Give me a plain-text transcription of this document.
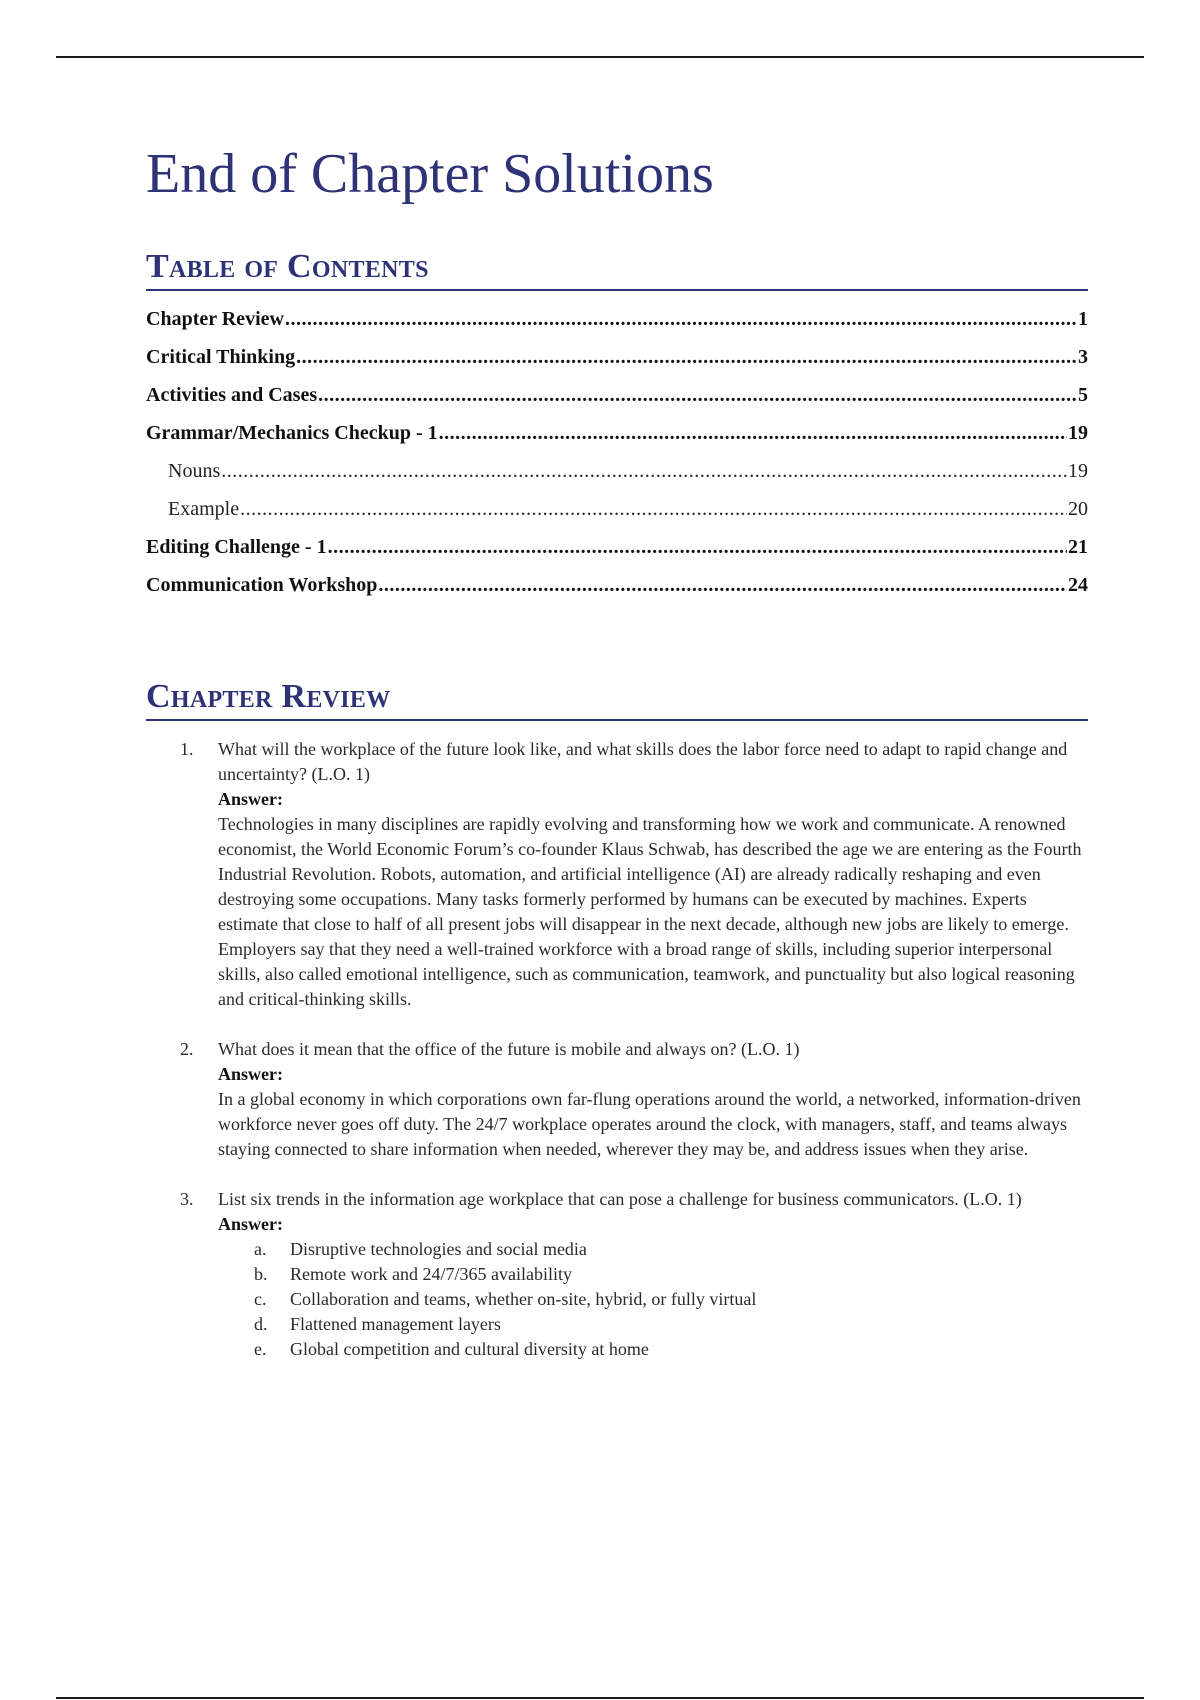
End of Chapter Solutions
Table of Contents
Chapter Review .....	1
Critical Thinking .....	3
Activities and Cases .....	5
Grammar/Mechanics Checkup - 1 .....	19
Nouns .....	19
Example .....	20
Editing Challenge - 1 .....	21
Communication Workshop .....	24
Chapter Review
1. What will the workplace of the future look like, and what skills does the labor force need to adapt to rapid change and uncertainty? (L.O. 1)
Answer:
Technologies in many disciplines are rapidly evolving and transforming how we work and communicate. A renowned economist, the World Economic Forum’s co-founder Klaus Schwab, has described the age we are entering as the Fourth Industrial Revolution. Robots, automation, and artificial intelligence (AI) are already radically reshaping and even destroying some occupations. Many tasks formerly performed by humans can be executed by machines. Experts estimate that close to half of all present jobs will disappear in the next decade, although new jobs are likely to emerge.
Employers say that they need a well-trained workforce with a broad range of skills, including superior interpersonal skills, also called emotional intelligence, such as communication, teamwork, and punctuality but also logical reasoning and critical-thinking skills.
2. What does it mean that the office of the future is mobile and always on? (L.O. 1)
Answer:
In a global economy in which corporations own far-flung operations around the world, a networked, information-driven workforce never goes off duty. The 24/7 workplace operates around the clock, with managers, staff, and teams always staying connected to share information when needed, wherever they may be, and address issues when they arise.
3. List six trends in the information age workplace that can pose a challenge for business communicators. (L.O. 1)
Answer:
a. Disruptive technologies and social media
b. Remote work and 24/7/365 availability
c. Collaboration and teams, whether on-site, hybrid, or fully virtual
d. Flattened management layers
e. Global competition and cultural diversity at home
